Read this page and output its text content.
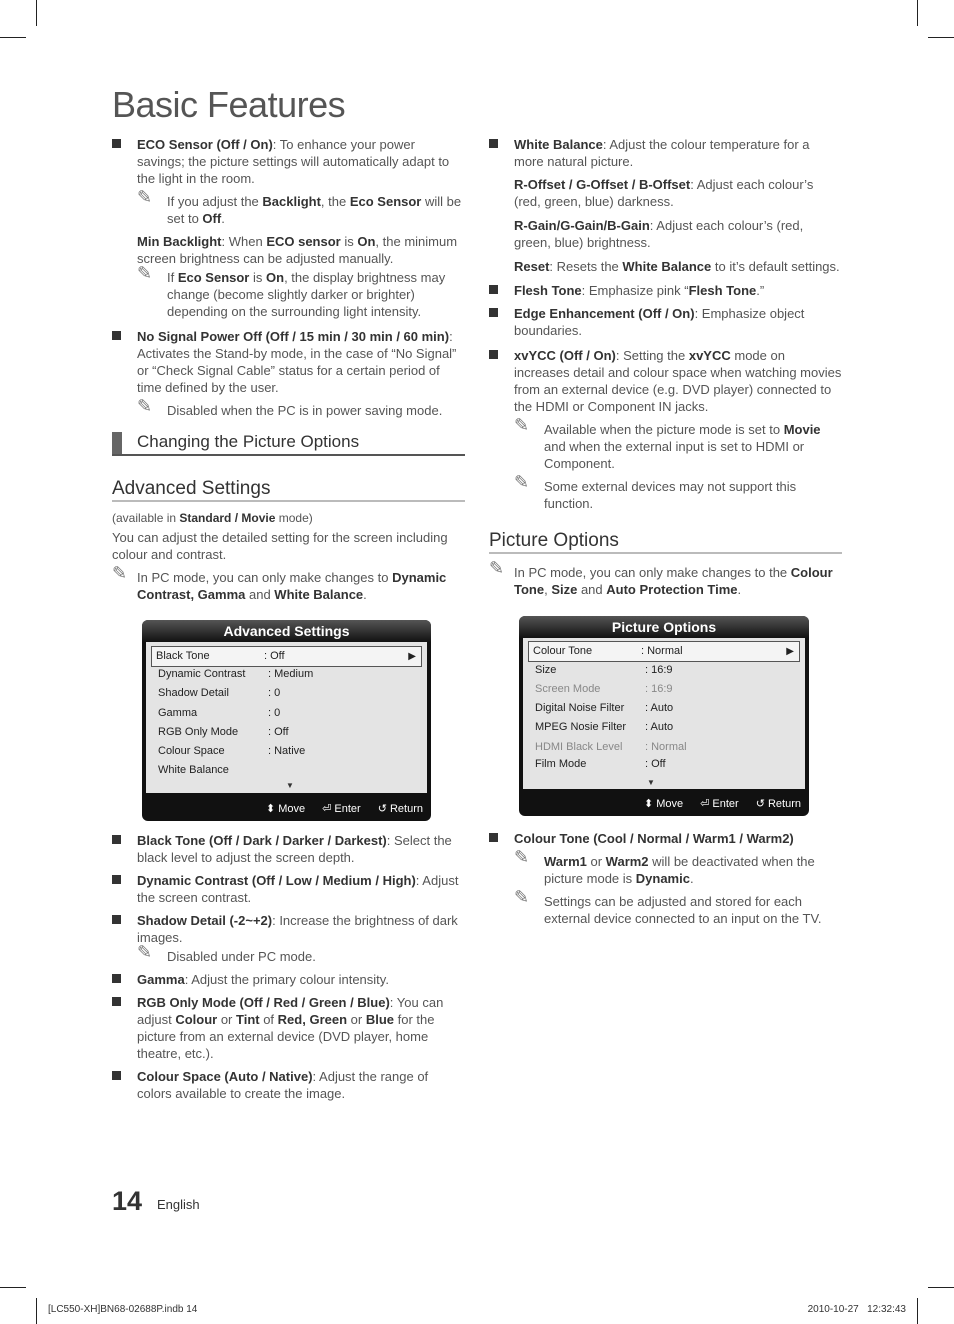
Basic Features
ECO Sensor (Off / On): To enhance your power savings; the picture settings will automatically adapt to the light in the room.
✎ If you adjust the Backlight, the Eco Sensor will be set to Off.
Min Backlight: When ECO sensor is On, the minimum screen brightness can be adjusted manually.
✎ If Eco Sensor is On, the display brightness may change (become slightly darker or brighter) depending on the surrounding light intensity.
No Signal Power Off (Off / 15 min / 30 min / 60 min): Activates the Stand-by mode, in the case of “No Signal” or “Check Signal Cable” status for a certain period of time defined by the user.
✎ Disabled when the PC is in power saving mode.
Changing the Picture Options
Advanced Settings
(available in Standard / Movie mode)
You can adjust the detailed setting for the screen including colour and contrast.
✎ In PC mode, you can only make changes to Dynamic Contrast, Gamma and White Balance.
Advanced Settings
Black Tone	: Off	▶
Dynamic Contrast : Medium
Shadow Detail	: 0
Gamma	: 0
RGB Only Mode	: Off
Colour Space	: Native
White Balance
▼
⬍ Move ⏎ Enter ↺ Return
Black Tone (Off / Dark / Darker / Darkest): Select the black level to adjust the screen depth.
Dynamic Contrast (Off / Low / Medium / High): Adjust the screen contrast.
Shadow Detail (-2~+2): Increase the brightness of dark images.
✎ Disabled under PC mode.
Gamma: Adjust the primary colour intensity.
RGB Only Mode (Off / Red / Green / Blue): You can adjust Colour or Tint of Red, Green or Blue for the picture from an external device (DVD player, home theatre, etc.).
Colour Space (Auto / Native): Adjust the range of colors available to create the image.
White Balance: Adjust the colour temperature for a more natural picture.
R-Offset / G-Offset / B-Offset: Adjust each colour’s (red, green, blue) darkness.
R-Gain/G-Gain/B-Gain: Adjust each colour’s (red, green, blue) brightness.
Reset: Resets the White Balance to it’s default settings.
Flesh Tone: Emphasize pink “Flesh Tone.”
Edge Enhancement (Off / On): Emphasize object boundaries.
xvYCC (Off / On): Setting the xvYCC mode on increases detail and colour space when watching movies from an external device (e.g. DVD player) connected to the HDMI or Component IN jacks.
✎ Available when the picture mode is set to Movie and when the external input is set to HDMI or Component.
✎ Some external devices may not support this function.
Picture Options
✎ In PC mode, you can only make changes to the Colour Tone, Size and Auto Protection Time.
Picture Options
Colour Tone	: Normal	▶
Size	: 16:9
Screen Mode	: 16:9
Digital Noise Filter : Auto
MPEG Nosie Filter : Auto
HDMI Black Level : Normal
Film Mode	: Off
▼
⬍ Move ⏎ Enter ↺ Return
Colour Tone (Cool / Normal / Warm1 / Warm2)
✎ Warm1 or Warm2 will be deactivated when the picture mode is Dynamic.
✎ Settings can be adjusted and stored for each external device connected to an input on the TV.
14 English
[LC550-XH]BN68-02688P.indb 14	2010-10-27   12:32:43
